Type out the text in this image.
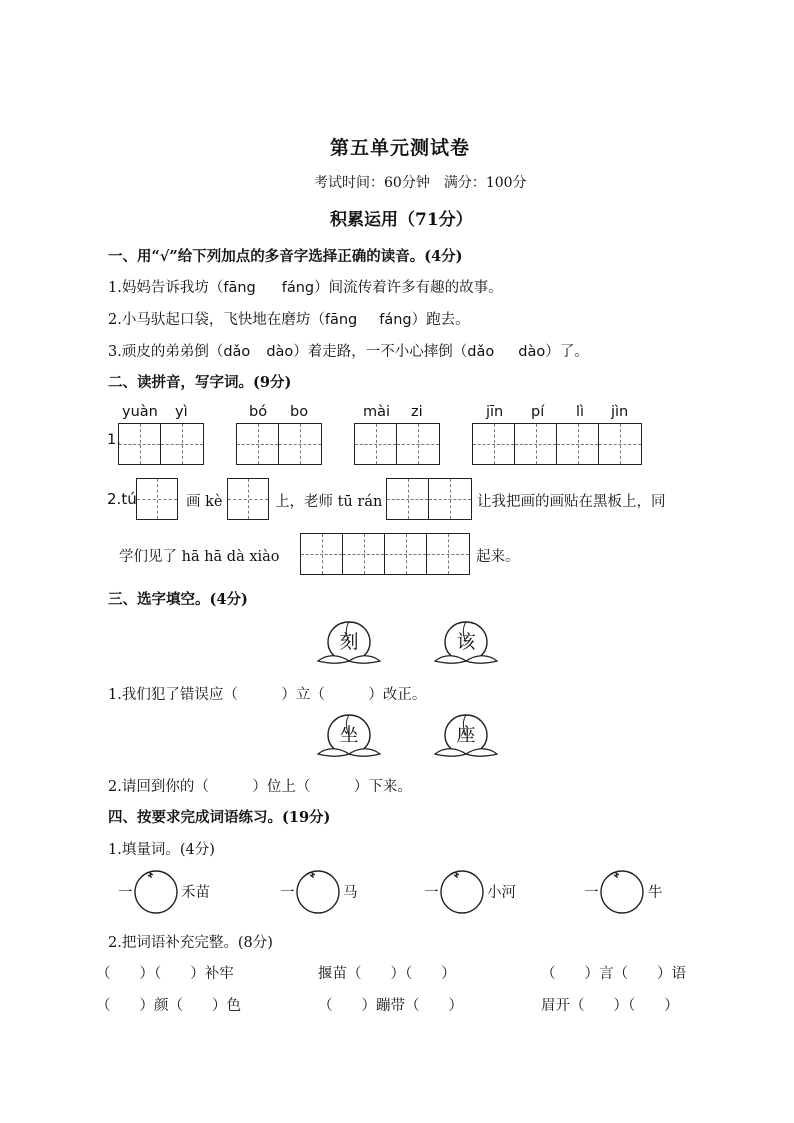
第五单元测试卷
考试时间：60分钟　满分：100分
积累运用（71分）
一、用“√”给下列加点的多音字选择正确的读音。(4分)
1.妈妈告诉我坊（fāng fáng）间流传着许多有趣的故事。
2.小马驮起口袋，飞快地在磨坊（fāng fáng）跑去。
3.顽皮的弟弟倒（dǎo dào）着走路，一不小心摔倒（dǎo dào）了。
二、读拼音，写字词。(9分)
yuàn yì	bó bo	mài zi	jīn pí lì jìn
1.
2.tú	画 kè	上，老师 tū rán	让我把画的画贴在黑板上，同
学们见了 hā hā dà xiào	起来。
三、选字填空。(4分)
刻	该
1.我们犯了错误应（　　　）立（　　　）改正。
坐	座
2.请回到你的（　　　）位上（　　　）下来。
四、按要求完成词语练习。(19分)
1.填量词。(4分)
一	禾苗	一	马	一	小河	一	牛
2.把词语补充完整。(8分)
（　　）（　　）补牢	揠苗（　　）（　　）	（　　）言（　　）语
（　　）颜（　　）色	（　　）蹦带（　　）	眉开（　　）（　　）
